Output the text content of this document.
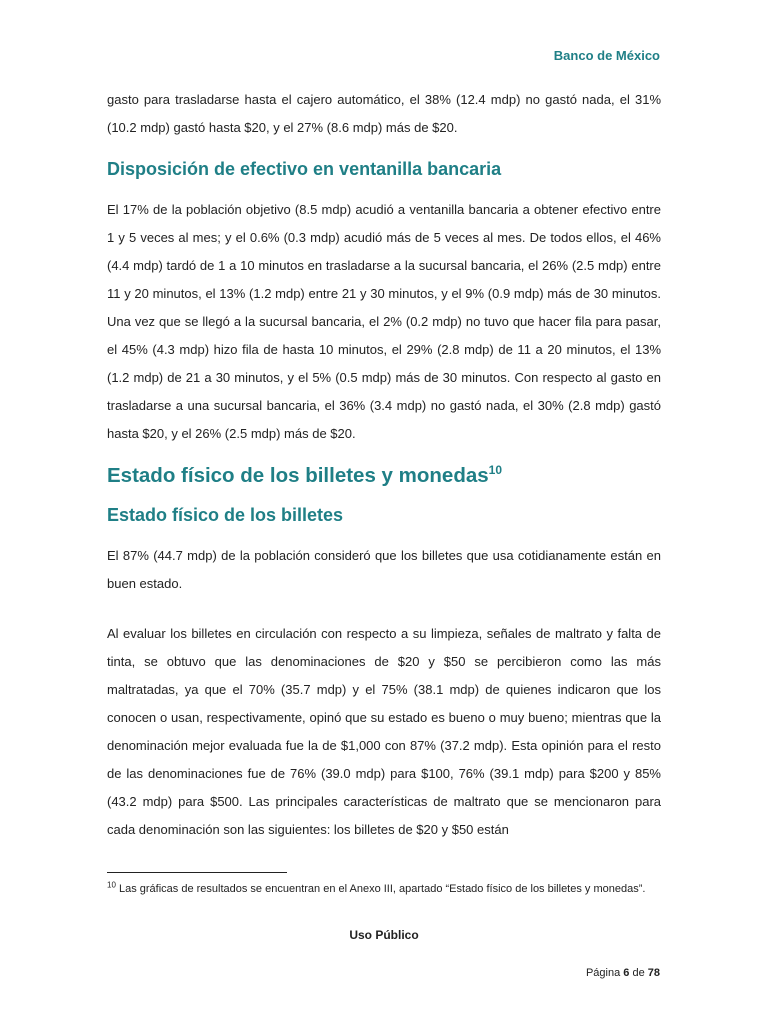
Banco de México

gasto para trasladarse hasta el cajero automático, el 38% (12.4 mdp) no gastó nada, el 31% (10.2 mdp) gastó hasta $20, y el 27% (8.6 mdp) más de $20.

Disposición de efectivo en ventanilla bancaria

El 17% de la población objetivo (8.5 mdp) acudió a ventanilla bancaria a obtener efectivo entre 1 y 5 veces al mes; y el 0.6% (0.3 mdp) acudió más de 5 veces al mes. De todos ellos, el 46% (4.4 mdp) tardó de 1 a 10 minutos en trasladarse a la sucursal bancaria, el 26% (2.5 mdp) entre 11 y 20 minutos, el 13% (1.2 mdp) entre 21 y 30 minutos, y el 9% (0.9 mdp) más de 30 minutos. Una vez que se llegó a la sucursal bancaria, el 2% (0.2 mdp) no tuvo que hacer fila para pasar, el 45% (4.3 mdp) hizo fila de hasta 10 minutos, el 29% (2.8 mdp) de 11 a 20 minutos, el 13% (1.2 mdp) de 21 a 30 minutos, y el 5% (0.5 mdp) más de 30 minutos. Con respecto al gasto en trasladarse a una sucursal bancaria, el 36% (3.4 mdp) no gastó nada, el 30% (2.8 mdp) gastó hasta $20, y el 26% (2.5 mdp) más de $20.

Estado físico de los billetes y monedas$^{10}$
Estado físico de los billetes

El 87% (44.7 mdp) de la población consideró que los billetes que usa cotidianamente están en buen estado.

Al evaluar los billetes en circulación con respecto a su limpieza, señales de maltrato y falta de tinta, se obtuvo que las denominaciones de $20 y $50 se percibieron como las más maltratadas, ya que el 70% (35.7 mdp) y el 75% (38.1 mdp) de quienes indicaron que los conocen o usan, respectivamente, opinó que su estado es bueno o muy bueno; mientras que la denominación mejor evaluada fue la de $1,000 con 87% (37.2 mdp). Esta opinión para el resto de las denominaciones fue de 76% (39.0 mdp) para $100, 76% (39.1 mdp) para $200 y 85% (43.2 mdp) para $500. Las principales características de maltrato que se mencionaron para cada denominación son las siguientes: los billetes de $20 y $50 están

$^{10}$ Las gráficas de resultados se encuentran en el Anexo III, apartado “Estado físico de los billetes y monedas”.

Uso Público
Página 6 de 78
